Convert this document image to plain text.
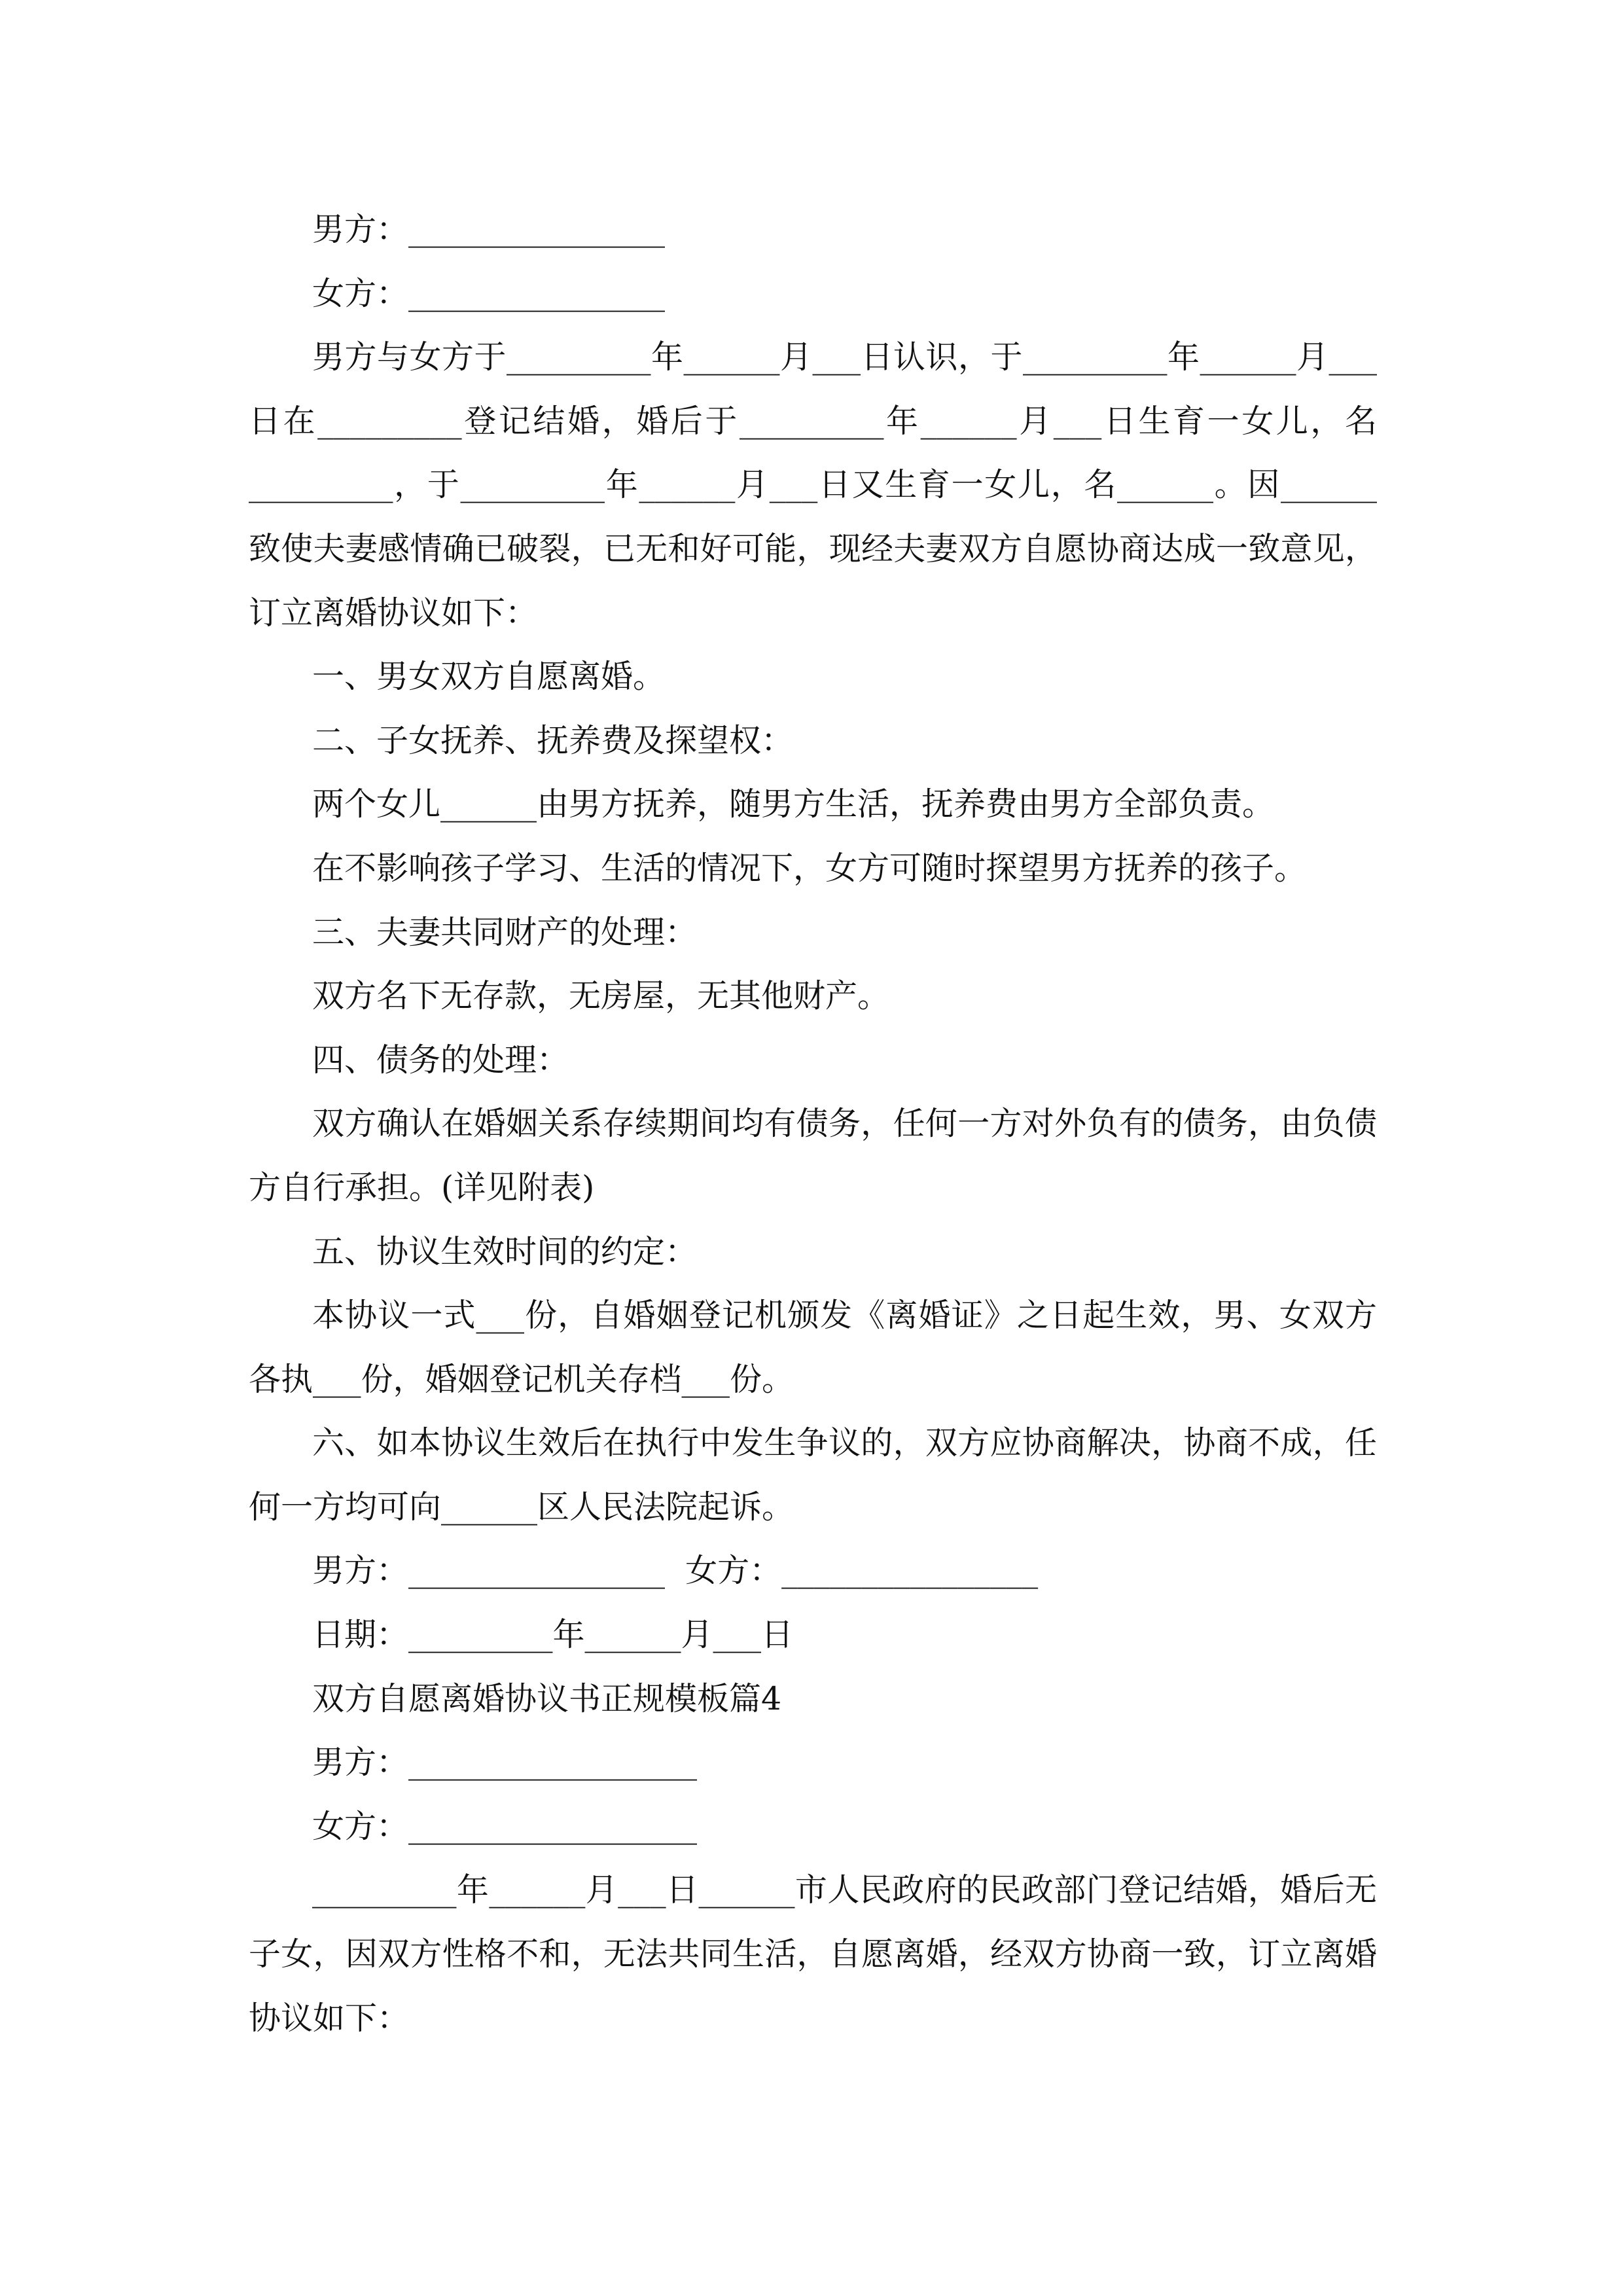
男方：________________
女方：________________
男方与女方于_________年______月___日认识，于_________年______月___
日在_________登记结婚，婚后于_________年______月___日生育一女儿，名
_________，于_________年______月___日又生育一女儿，名______。因______
致使夫妻感情确已破裂，已无和好可能，现经夫妻双方自愿协商达成一致意见，
订立离婚协议如下：
一、男女双方自愿离婚。
二、子女抚养、抚养费及探望权：
两个女儿______由男方抚养，随男方生活，抚养费由男方全部负责。
在不影响孩子学习、生活的情况下，女方可随时探望男方抚养的孩子。
三、夫妻共同财产的处理：
双方名下无存款，无房屋，无其他财产。
四、债务的处理：
双方确认在婚姻关系存续期间均有债务，任何一方对外负有的债务，由负债
方自行承担。(详见附表)
五、协议生效时间的约定：
本协议一式___份，自婚姻登记机颁发《离婚证》之日起生效，男、女双方
各执___份，婚姻登记机关存档___份。
六、如本协议生效后在执行中发生争议的，双方应协商解决，协商不成，任
何一方均可向______区人民法院起诉。
男方：________________  女方：________________
日期：_________年______月___日
双方自愿离婚协议书正规模板篇4
男方：__________________
女方：__________________
_________年______月___日______市人民政府的民政部门登记结婚，婚后无
子女，因双方性格不和，无法共同生活，自愿离婚，经双方协商一致，订立离婚
协议如下：
